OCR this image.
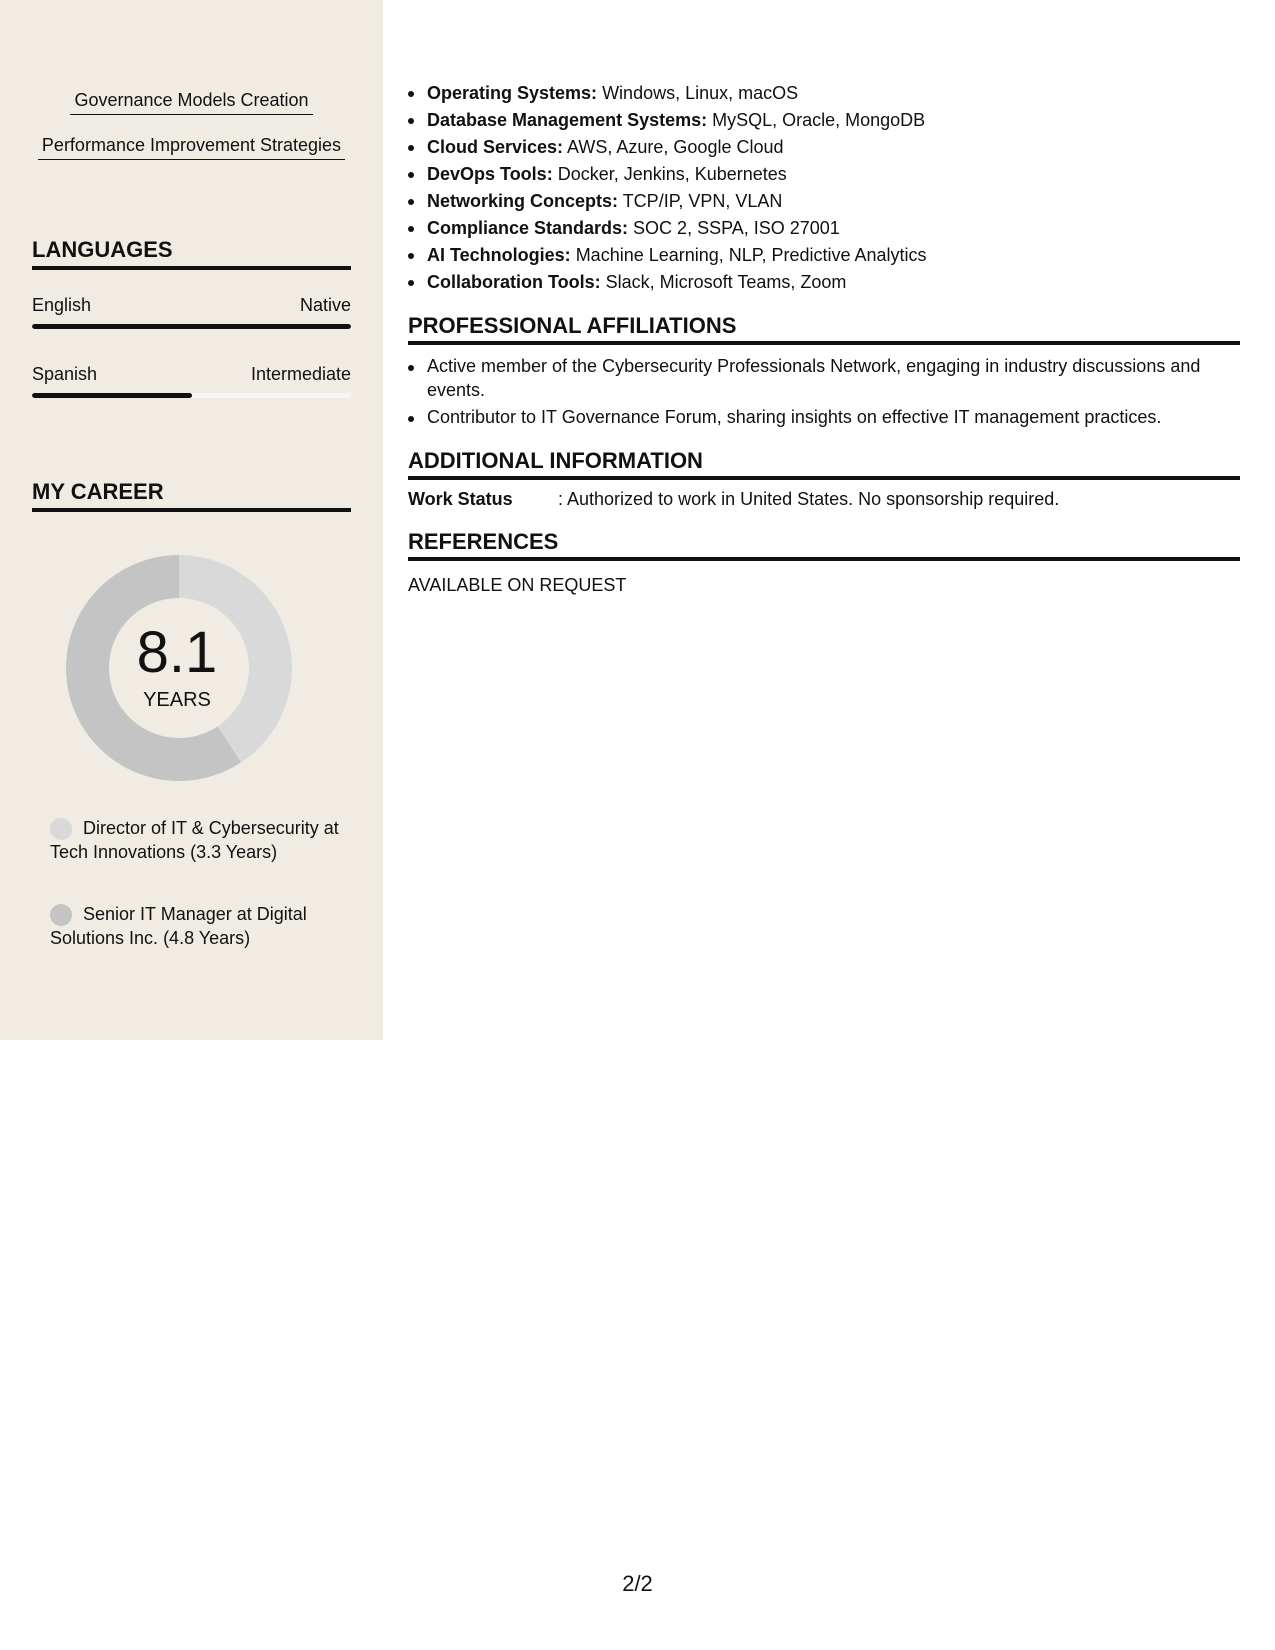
Governance Models Creation
Performance Improvement Strategies
LANGUAGES
English	Native
Spanish	Intermediate
MY CAREER
8.1
YEARS
Director of IT & Cybersecurity at Tech Innovations (3.3 Years)
Senior IT Manager at Digital Solutions Inc. (4.8 Years)
Operating Systems: Windows, Linux, macOS
Database Management Systems: MySQL, Oracle, MongoDB
Cloud Services: AWS, Azure, Google Cloud
DevOps Tools: Docker, Jenkins, Kubernetes
Networking Concepts: TCP/IP, VPN, VLAN
Compliance Standards: SOC 2, SSPA, ISO 27001
AI Technologies: Machine Learning, NLP, Predictive Analytics
Collaboration Tools: Slack, Microsoft Teams, Zoom
PROFESSIONAL AFFILIATIONS
Active member of the Cybersecurity Professionals Network, engaging in industry discussions and events.
Contributor to IT Governance Forum, sharing insights on effective IT management practices.
ADDITIONAL INFORMATION
Work Status	: Authorized to work in United States. No sponsorship required.
REFERENCES
AVAILABLE ON REQUEST
2/2
